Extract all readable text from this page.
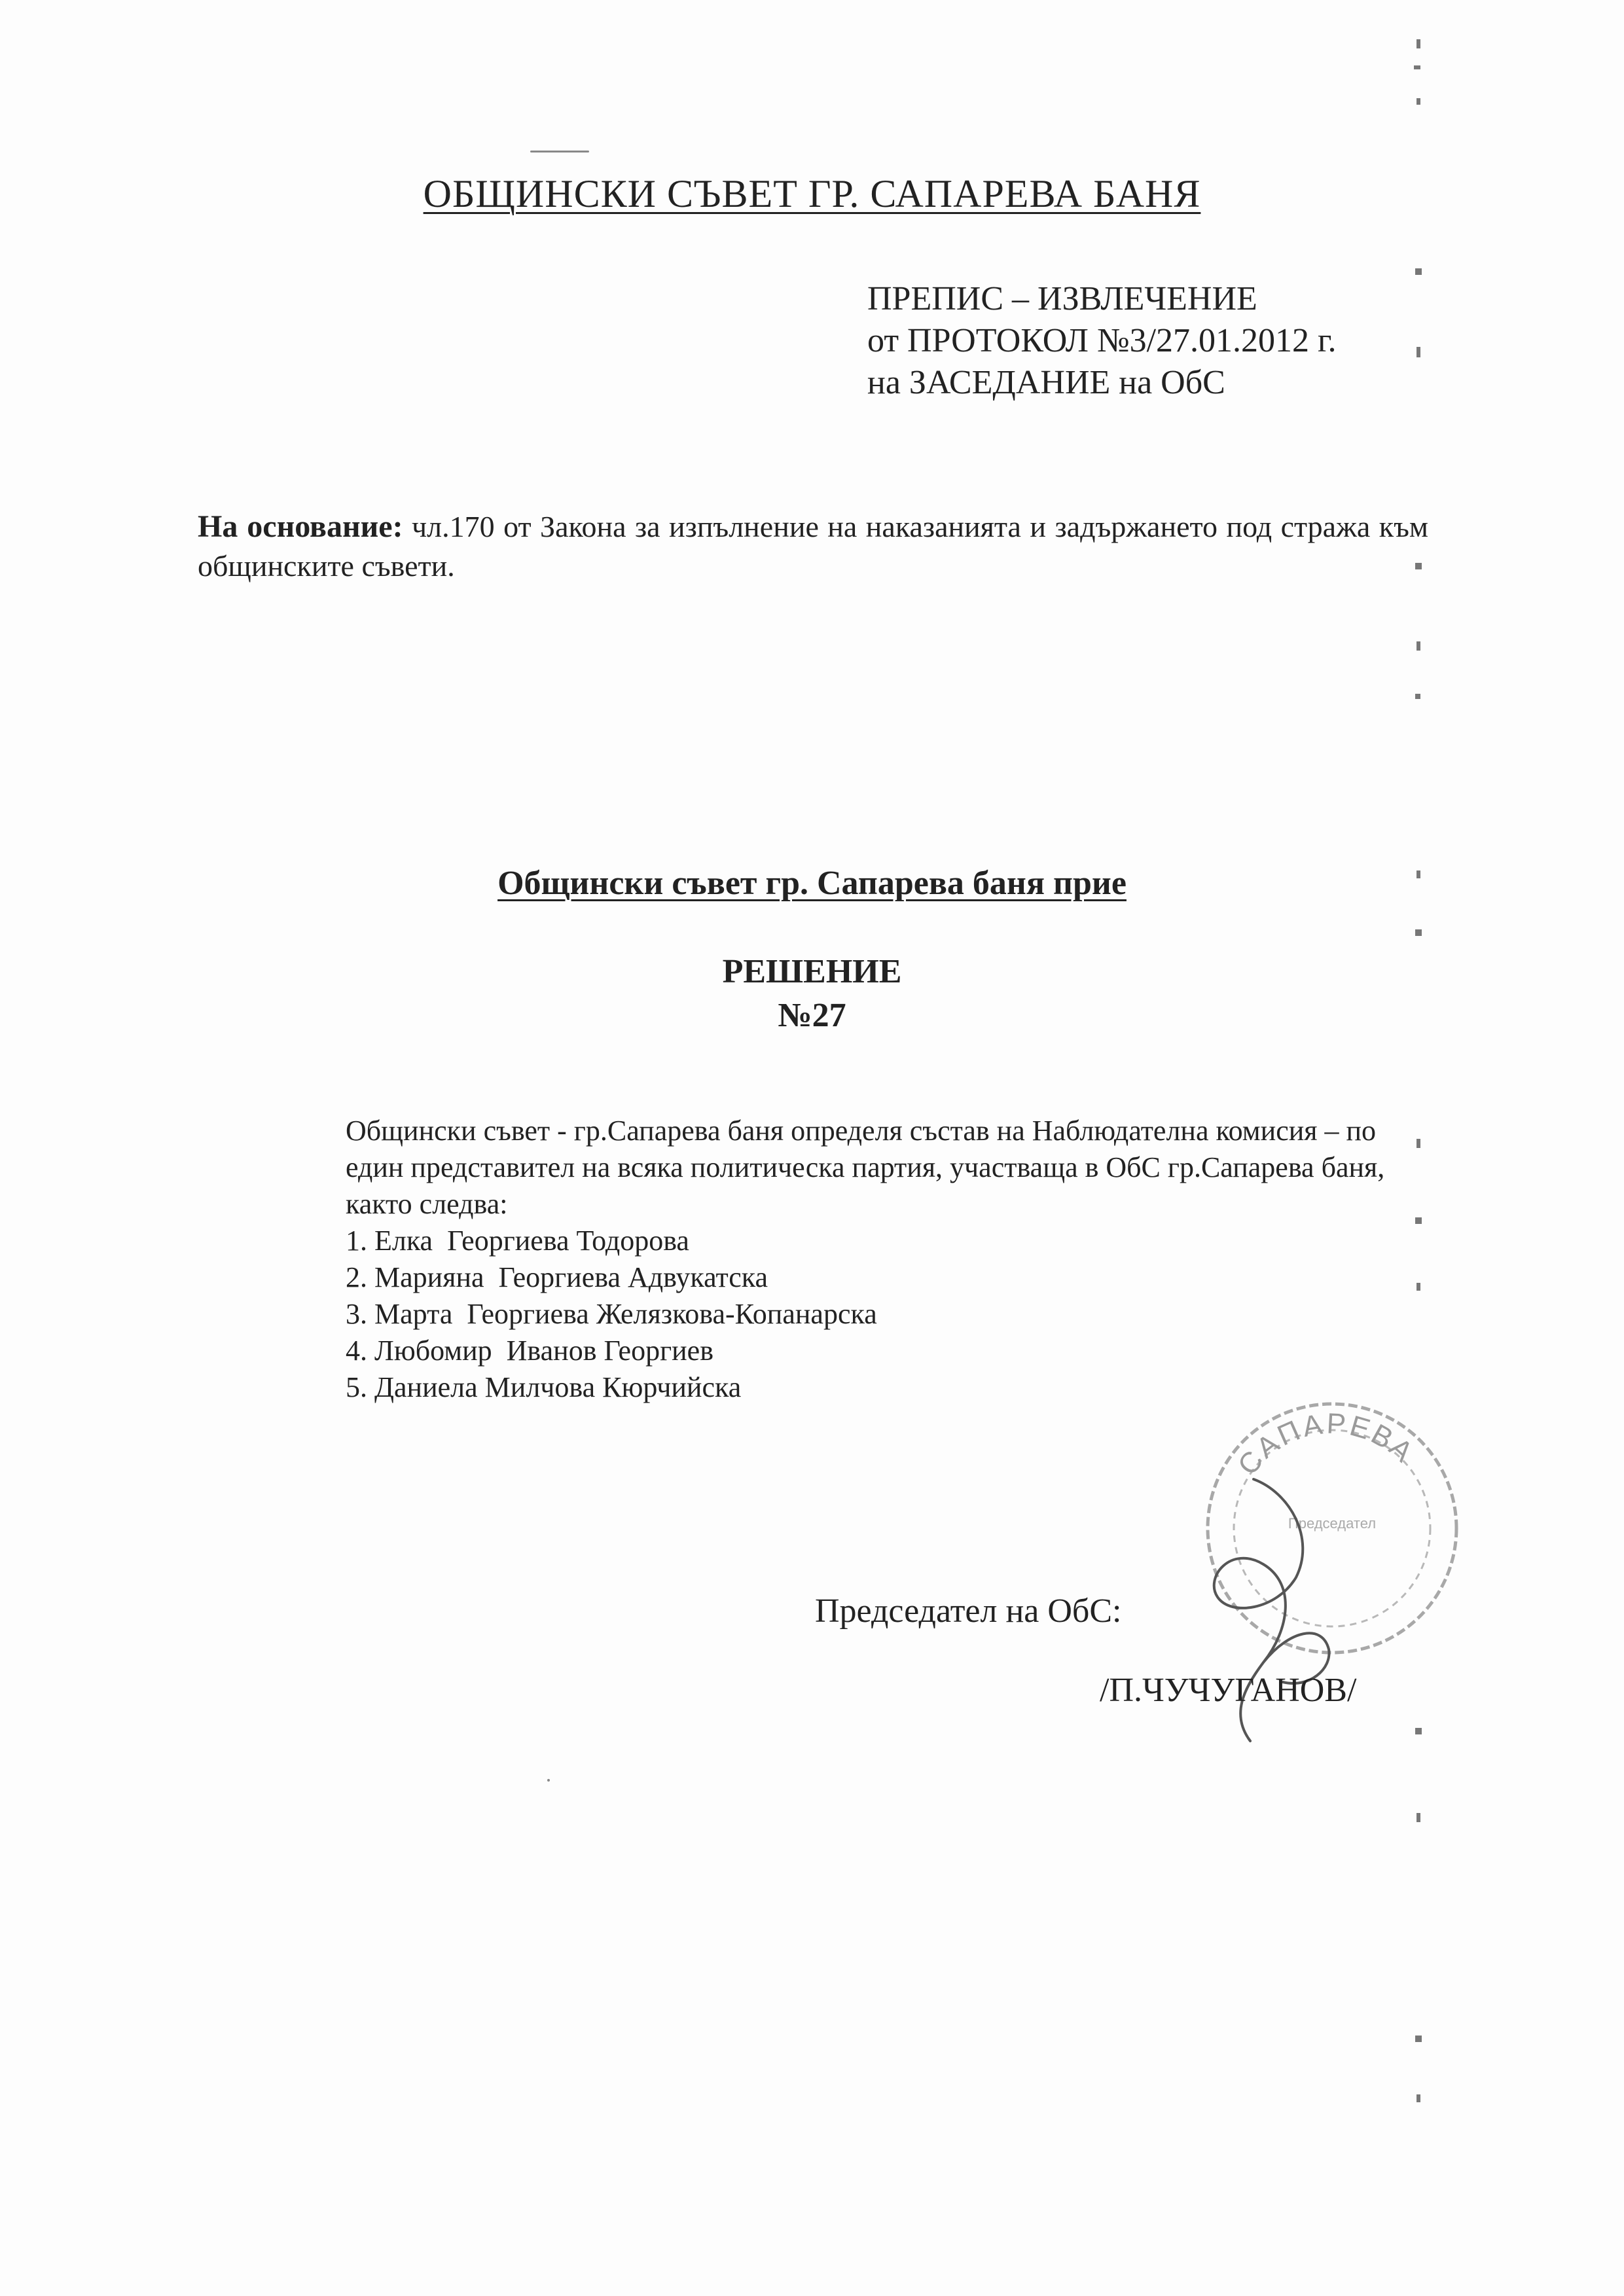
ОБЩИНСКИ СЪВЕТ ГР. САПАРЕВА БАНЯ
ПРЕПИС – ИЗВЛЕЧЕНИЕ
от ПРОТОКОЛ №3/27.01.2012 г.
на ЗАСЕДАНИЕ на ОбС
На основание: чл.170 от Закона за изпълнение на наказанията и задържането под стража към общинските съвети.
Общински съвет гр. Сапарева баня прие
РЕШЕНИЕ
№27

Общински съвет - гр.Сапарева баня определя състав на Наблюдателна комисия – по един представител на всяка политическа партия, участваща в ОбС гр.Сапарева баня, както следва:

1. Елка  Георгиева Тодорова
2. Марияна  Георгиева Адвукатска
3. Марта  Георгиева Желязкова-Копанарска
4. Любомир  Иванов Георгиев
5. Даниела Милчова Кюрчийска
САПАРЕВА
Председател
Председател на ОбС:
/П.ЧУЧУГАНОВ/
